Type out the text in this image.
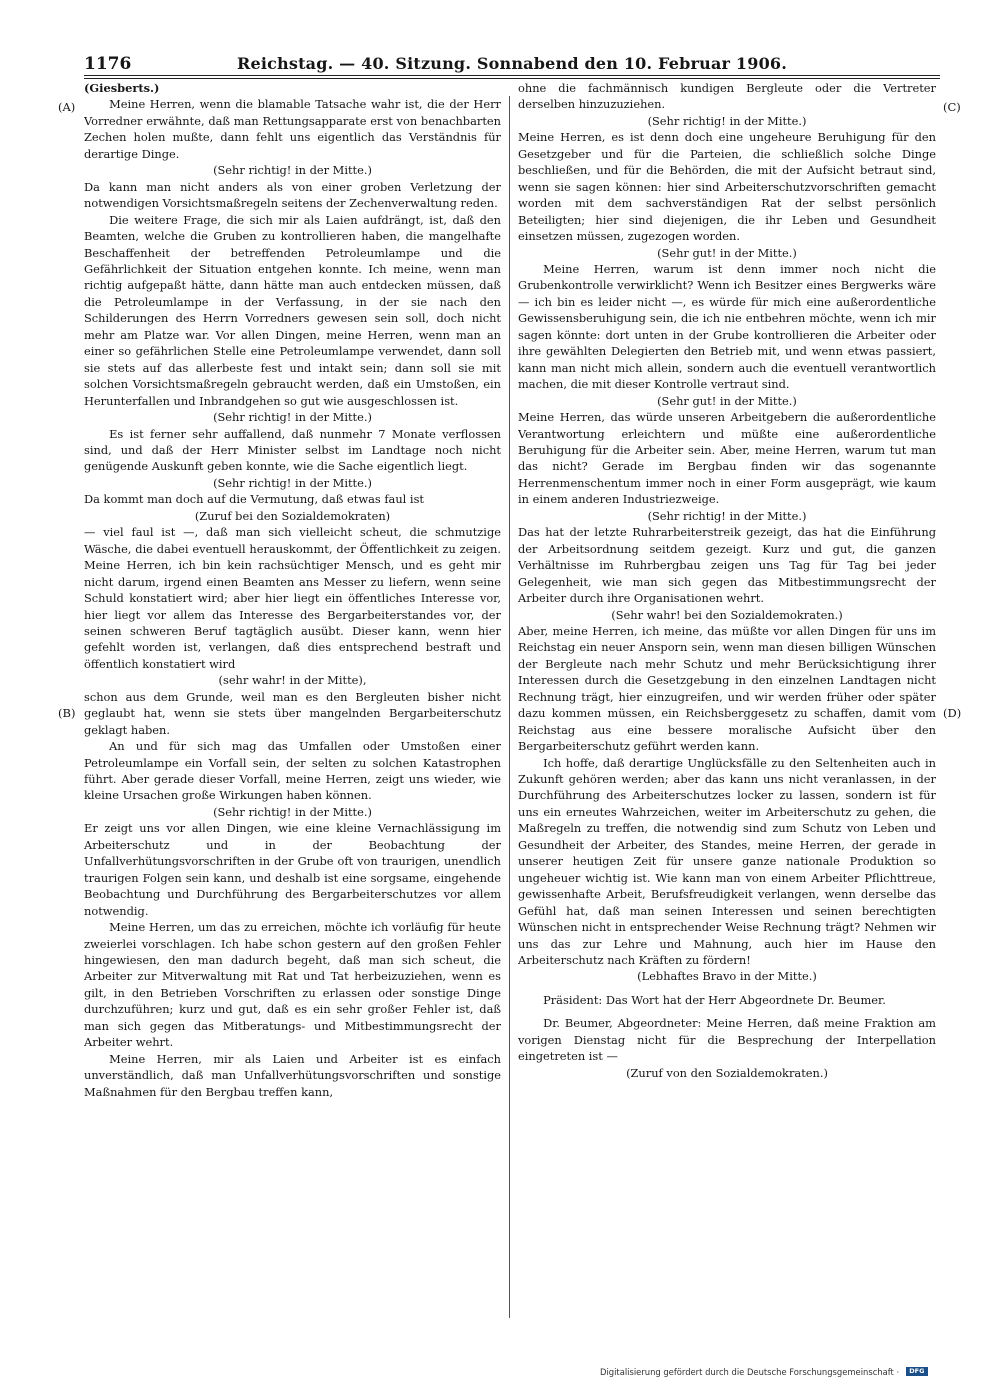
1176	Reichstag. — 40. Sitzung. Sonnabend den 10. Februar 1906.
(A)
(B)
(C)
(D)

(Giesberts.)

Meine Herren, wenn die blamable Tatsache wahr ist, die der Herr Vorredner erwähnte, daß man Rettungsapparate erst von benachbarten Zechen holen mußte, dann fehlt uns eigentlich das Verständnis für derartige Dinge.

(Sehr richtig! in der Mitte.)

Da kann man nicht anders als von einer groben Verletzung der notwendigen Vorsichtsmaßregeln seitens der Zechenverwaltung reden.

Die weitere Frage, die sich mir als Laien aufdrängt, ist, daß den Beamten, welche die Gruben zu kontrollieren haben, die mangelhafte Beschaffenheit der betreffenden Petroleumlampe und die Gefährlichkeit der Situation entgehen konnte. Ich meine, wenn man richtig aufgepaßt hätte, dann hätte man auch entdecken müssen, daß die Petroleumlampe in der Verfassung, in der sie nach den Schilderungen des Herrn Vorredners gewesen sein soll, doch nicht mehr am Platze war. Vor allen Dingen, meine Herren, wenn man an einer so gefährlichen Stelle eine Petroleumlampe verwendet, dann soll sie stets auf das allerbeste fest und intakt sein; dann soll sie mit solchen Vorsichtsmaßregeln gebraucht werden, daß ein Umstoßen, ein Herunterfallen und Inbrandgehen so gut wie ausgeschlossen ist.

(Sehr richtig! in der Mitte.)

Es ist ferner sehr auffallend, daß nunmehr 7 Monate verflossen sind, und daß der Herr Minister selbst im Landtage noch nicht genügende Auskunft geben konnte, wie die Sache eigentlich liegt.

(Sehr richtig! in der Mitte.)

Da kommt man doch auf die Vermutung, daß etwas faul ist

(Zuruf bei den Sozialdemokraten)

— viel faul ist —, daß man sich vielleicht scheut, die schmutzige Wäsche, die dabei eventuell herauskommt, der Öffentlichkeit zu zeigen. Meine Herren, ich bin kein rachsüchtiger Mensch, und es geht mir nicht darum, irgend einen Beamten ans Messer zu liefern, wenn seine Schuld konstatiert wird; aber hier liegt ein öffentliches Interesse vor, hier liegt vor allem das Interesse des Bergarbeiterstandes vor, der seinen schweren Beruf tagtäglich ausübt. Dieser kann, wenn hier gefehlt worden ist, verlangen, daß dies entsprechend bestraft und öffentlich konstatiert wird

(sehr wahr! in der Mitte),

schon aus dem Grunde, weil man es den Bergleuten bisher nicht geglaubt hat, wenn sie stets über mangelnden Bergarbeiterschutz geklagt haben.

An und für sich mag das Umfallen oder Umstoßen einer Petroleumlampe ein Vorfall sein, der selten zu solchen Katastrophen führt. Aber gerade dieser Vorfall, meine Herren, zeigt uns wieder, wie kleine Ursachen große Wirkungen haben können.

(Sehr richtig! in der Mitte.)

Er zeigt uns vor allen Dingen, wie eine kleine Vernachlässigung im Arbeiterschutz und in der Beobachtung der Unfallverhütungsvorschriften in der Grube oft von traurigen, unendlich traurigen Folgen sein kann, und deshalb ist eine sorgsame, eingehende Beobachtung und Durchführung des Bergarbeiterschutzes vor allem notwendig.

Meine Herren, um das zu erreichen, möchte ich vorläufig für heute zweierlei vorschlagen. Ich habe schon gestern auf den großen Fehler hingewiesen, den man dadurch begeht, daß man sich scheut, die Arbeiter zur Mitverwaltung mit Rat und Tat herbeizuziehen, wenn es gilt, in den Betrieben Vorschriften zu erlassen oder sonstige Dinge durchzuführen; kurz und gut, daß es ein sehr großer Fehler ist, daß man sich gegen das Mitberatungs- und Mitbestimmungsrecht der Arbeiter wehrt.

Meine Herren, mir als Laien und Arbeiter ist es einfach unverständlich, daß man Unfallverhütungsvorschriften und sonstige Maßnahmen für den Bergbau treffen kann,

ohne die fachmännisch kundigen Bergleute oder die Vertreter derselben hinzuzuziehen.

(Sehr richtig! in der Mitte.)

Meine Herren, es ist denn doch eine ungeheure Beruhigung für den Gesetzgeber und für die Parteien, die schließlich solche Dinge beschließen, und für die Behörden, die mit der Aufsicht betraut sind, wenn sie sagen können: hier sind Arbeiterschutzvorschriften gemacht worden mit dem sachverständigen Rat der selbst persönlich Beteiligten; hier sind diejenigen, die ihr Leben und Gesundheit einsetzen müssen, zugezogen worden.

(Sehr gut! in der Mitte.)

Meine Herren, warum ist denn immer noch nicht die Grubenkontrolle verwirklicht? Wenn ich Besitzer eines Bergwerks wäre — ich bin es leider nicht —, es würde für mich eine außerordentliche Gewissensberuhigung sein, die ich nie entbehren möchte, wenn ich mir sagen könnte: dort unten in der Grube kontrollieren die Arbeiter oder ihre gewählten Delegierten den Betrieb mit, und wenn etwas passiert, kann man nicht mich allein, sondern auch die eventuell verantwortlich machen, die mit dieser Kontrolle vertraut sind.

(Sehr gut! in der Mitte.)

Meine Herren, das würde unseren Arbeitgebern die außerordentliche Verantwortung erleichtern und müßte eine außerordentliche Beruhigung für die Arbeiter sein. Aber, meine Herren, warum tut man das nicht? Gerade im Bergbau finden wir das sogenannte Herrenmenschentum immer noch in einer Form ausgeprägt, wie kaum in einem anderen Industriezweige.

(Sehr richtig! in der Mitte.)

Das hat der letzte Ruhrarbeiterstreik gezeigt, das hat die Einführung der Arbeitsordnung seitdem gezeigt. Kurz und gut, die ganzen Verhältnisse im Ruhrbergbau zeigen uns Tag für Tag bei jeder Gelegenheit, wie man sich gegen das Mitbestimmungsrecht der Arbeiter durch ihre Organisationen wehrt.

(Sehr wahr! bei den Sozialdemokraten.)

Aber, meine Herren, ich meine, das müßte vor allen Dingen für uns im Reichstag ein neuer Ansporn sein, wenn man diesen billigen Wünschen der Bergleute nach mehr Schutz und mehr Berücksichtigung ihrer Interessen durch die Gesetzgebung in den einzelnen Landtagen nicht Rechnung trägt, hier einzugreifen, und wir werden früher oder später dazu kommen müssen, ein Reichsberggesetz zu schaffen, damit vom Reichstag aus eine bessere moralische Aufsicht über den Bergarbeiterschutz geführt werden kann.

Ich hoffe, daß derartige Unglücksfälle zu den Seltenheiten auch in Zukunft gehören werden; aber das kann uns nicht veranlassen, in der Durchführung des Arbeiterschutzes locker zu lassen, sondern ist für uns ein erneutes Wahrzeichen, weiter im Arbeiterschutz zu gehen, die Maßregeln zu treffen, die notwendig sind zum Schutz von Leben und Gesundheit der Arbeiter, des Standes, meine Herren, der gerade in unserer heutigen Zeit für unsere ganze nationale Produktion so ungeheuer wichtig ist. Wie kann man von einem Arbeiter Pflichttreue, gewissenhafte Arbeit, Berufsfreudigkeit verlangen, wenn derselbe das Gefühl hat, daß man seinen Interessen und seinen berechtigten Wünschen nicht in entsprechender Weise Rechnung trägt? Nehmen wir uns das zur Lehre und Mahnung, auch hier im Hause den Arbeiterschutz nach Kräften zu fördern!

(Lebhaftes Bravo in der Mitte.)

Präsident: Das Wort hat der Herr Abgeordnete Dr. Beumer.

Dr. Beumer, Abgeordneter: Meine Herren, daß meine Fraktion am vorigen Dienstag nicht für die Besprechung der Interpellation eingetreten ist —

(Zuruf von den Sozialdemokraten.)

Digitalisierung gefördert durch die Deutsche Forschungsgemeinschaft · DFG
